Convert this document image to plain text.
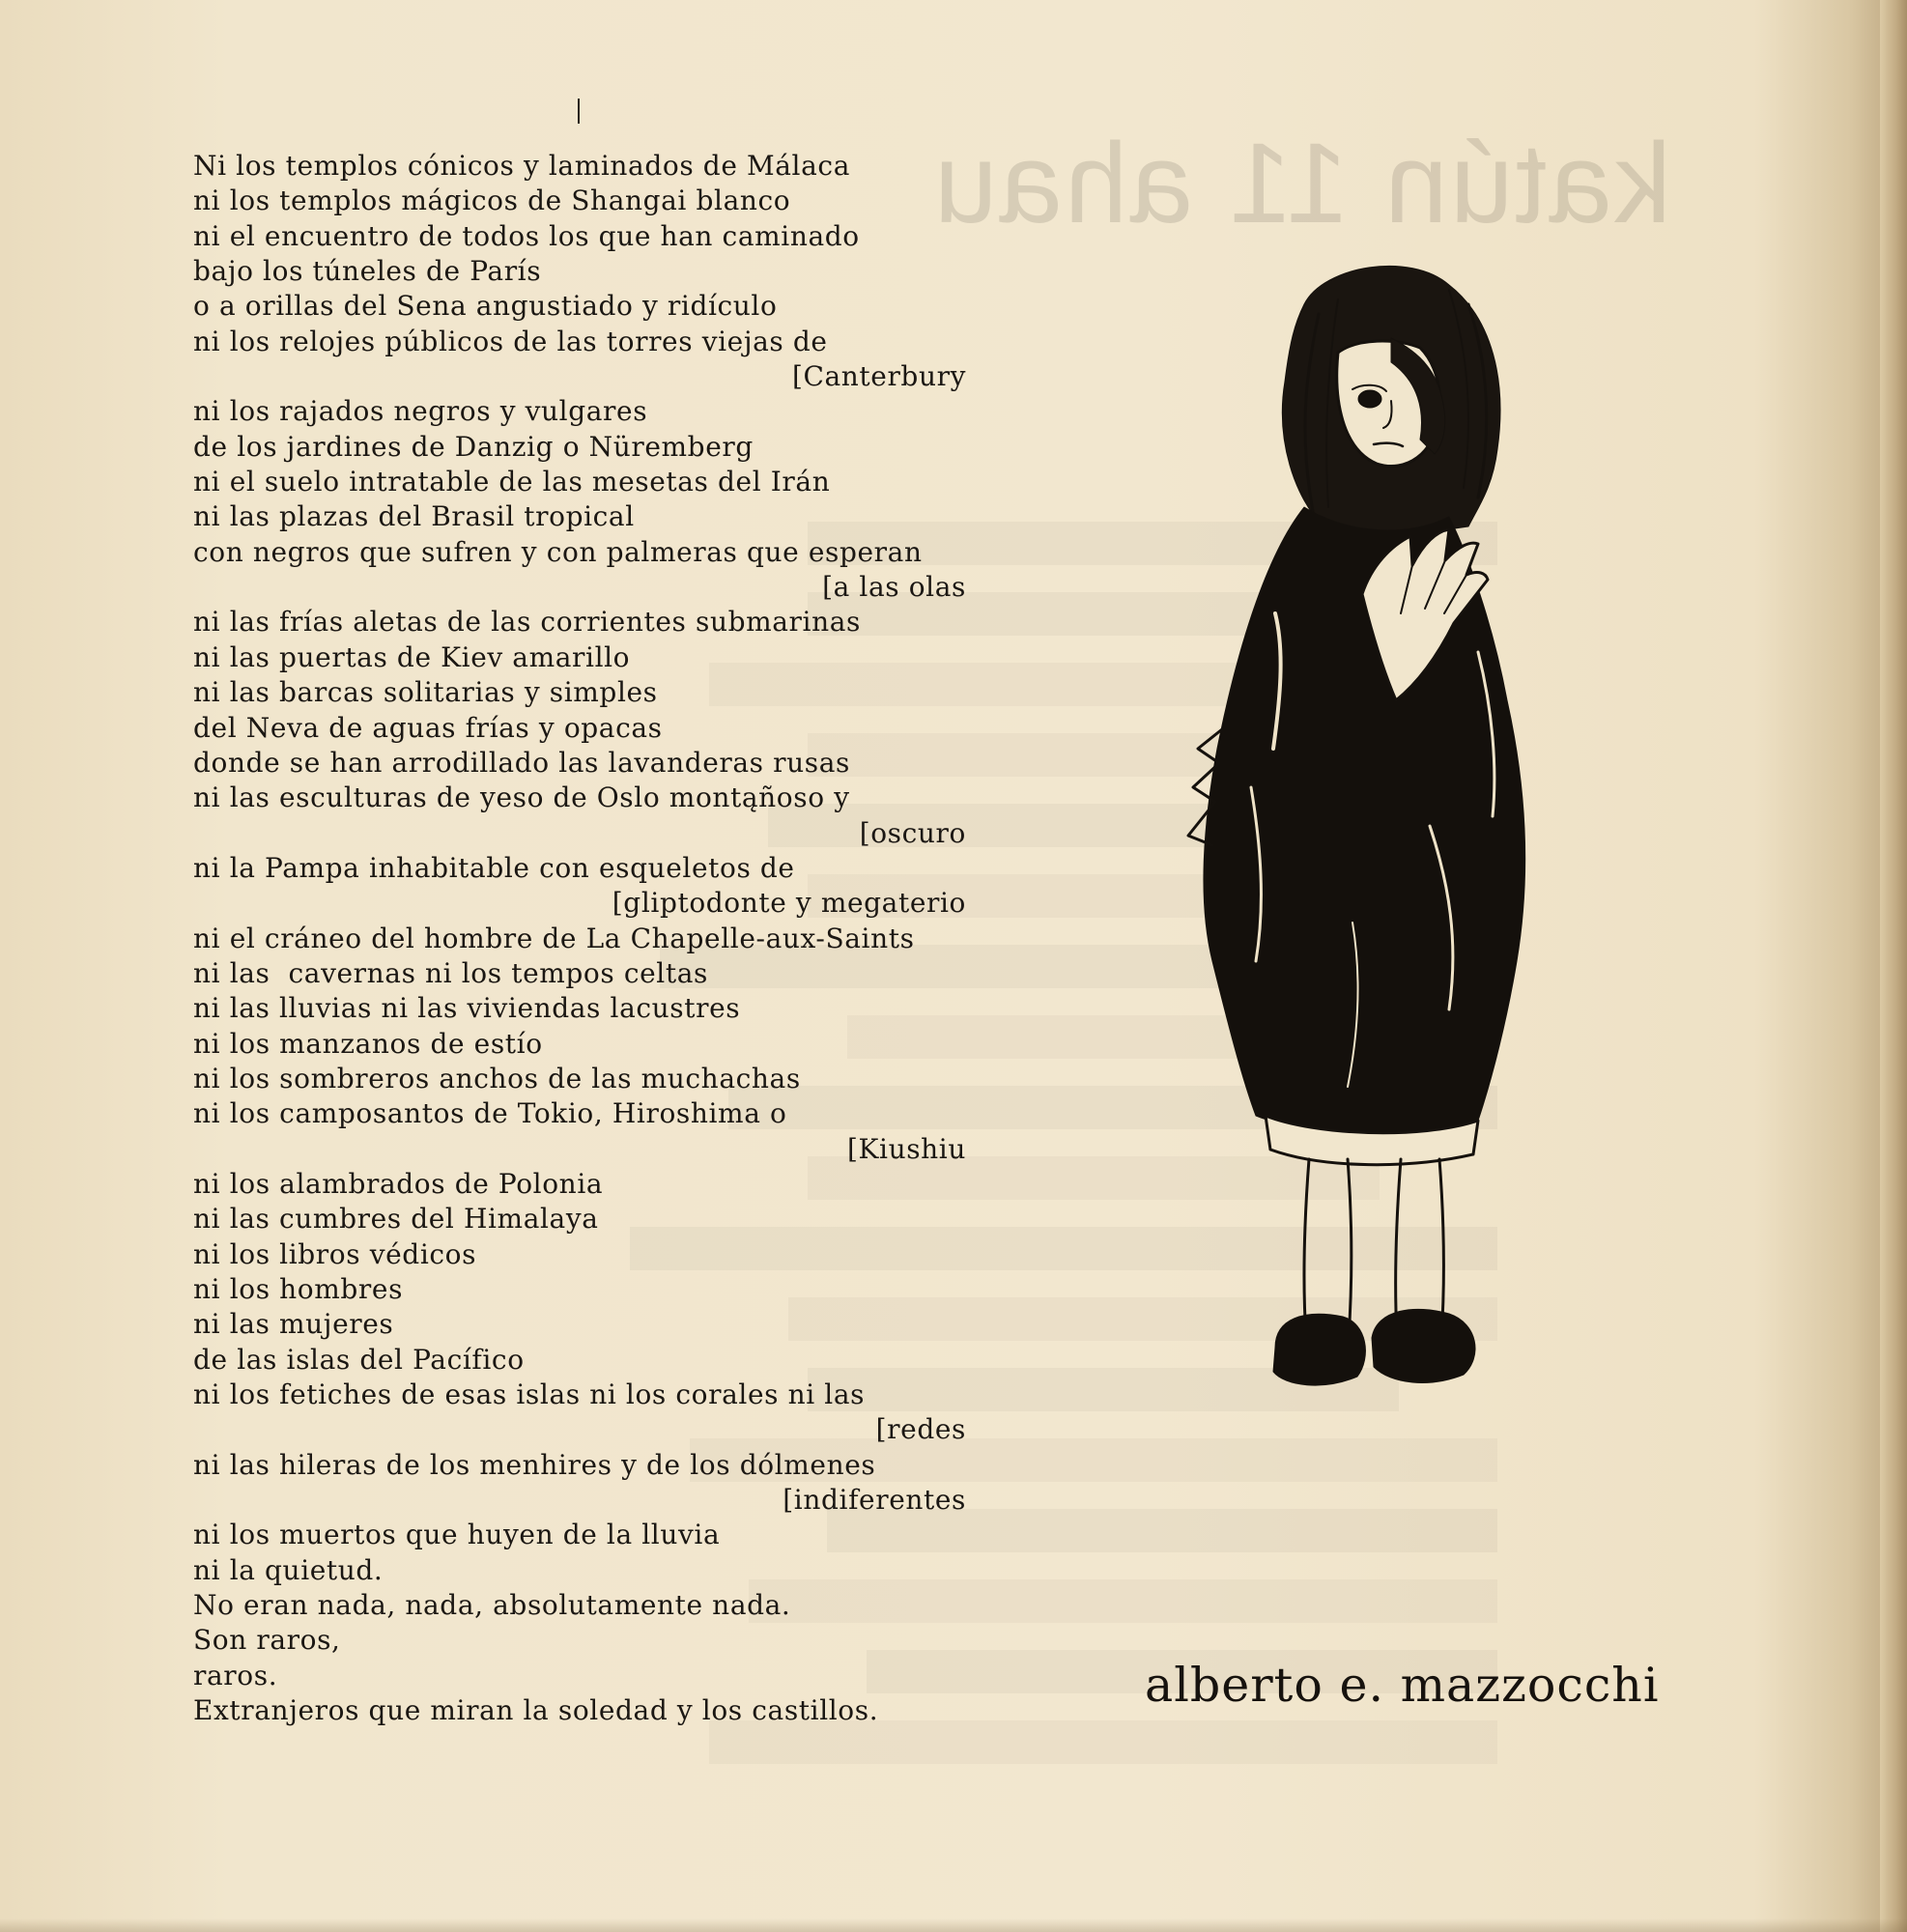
katún 11 ahau
Ni los templos cónicos y laminados de Málaca
ni los templos mágicos de Shangai blanco
ni el encuentro de todos los que han caminado
bajo los túneles de París
o a orillas del Sena angustiado y ridículo
ni los relojes públicos de las torres viejas de
[Canterbury
ni los rajados negros y vulgares
de los jardines de Danzig o Nüremberg
ni el suelo intratable de las mesetas del Irán
ni las plazas del Brasil tropical
con negros que sufren y con palmeras que esperan
[a las olas
ni las frías aletas de las corrientes submarinas
ni las puertas de Kiev amarillo
ni las barcas solitarias y simples
del Neva de aguas frías y opacas
donde se han arrodillado las lavanderas rusas
ni las esculturas de yeso de Oslo montąñoso y
[oscuro
ni la Pampa inhabitable con esqueletos de
[gliptodonte y megaterio
ni el cráneo del hombre de La Chapelle-aux-Saints
ni las  cavernas ni los tempos celtas
ni las lluvias ni las viviendas lacustres
ni los manzanos de estío
ni los sombreros anchos de las muchachas
ni los camposantos de Tokio, Hiroshima o
[Kiushiu
ni los alambrados de Polonia
ni las cumbres del Himalaya
ni los libros védicos
ni los hombres
ni las mujeres
de las islas del Pacífico
ni los fetiches de esas islas ni los corales ni las
[redes
ni las hileras de los menhires y de los dólmenes
[indiferentes
ni los muertos que huyen de la lluvia
ni la quietud.
No eran nada, nada, absolutamente nada.
Son raros,
raros.
Extranjeros que miran la soledad y los castillos.	alberto e. mazzocchi
